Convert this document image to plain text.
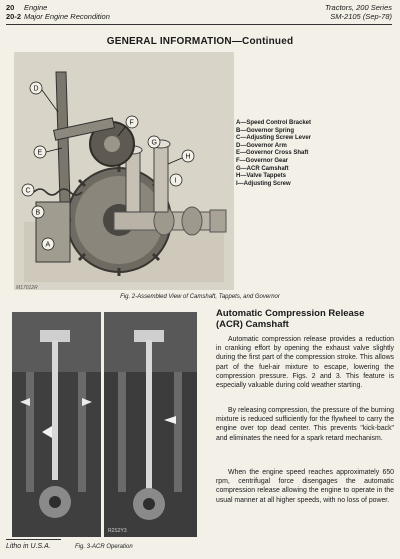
20 Engine
20-2 Major Engine Recondition
Tractors, 200 Series
SM-2105 (Sep-78)
GENERAL INFORMATION—Continued
D
F
E
G
H
I
C
B
A
A—Speed Control Bracket
B—Governor Spring
C—Adjusting Screw Lever
D—Governor Arm
E—Governor Cross Shaft
F—Governor Gear
G—ACR Camshaft
H—Valve Tappets
I—Adjusting Screw
M17012R
Fig. 2-Assembled View of Camshaft, Tappets, and Governor
R2S2Y3
Fig. 3-ACR Operation
Automatic Compression Release
(ACR) Camshaft

Automatic compression release provides a reduction in cranking effort by opening the exhaust valve slightly during the first part of the compression stroke. This allows part of the fuel-air mixture to escape, lowering the compression pressure. Figs. 2 and 3. This feature is especially valuable during cold weather starting.

By releasing compression, the pressure of the burning mixture is reduced sufficiently for the flywheel to carry the engine over top dead center. This prevents "kick-back" and eliminates the need for a spark retard mechanism.

When the engine speed reaches approximately 650 rpm, centrifugal force disengages the automatic compression release allowing the engine to operate in the usual manner at all higher speeds, with no loss of power.

Litho in U.S.A.
